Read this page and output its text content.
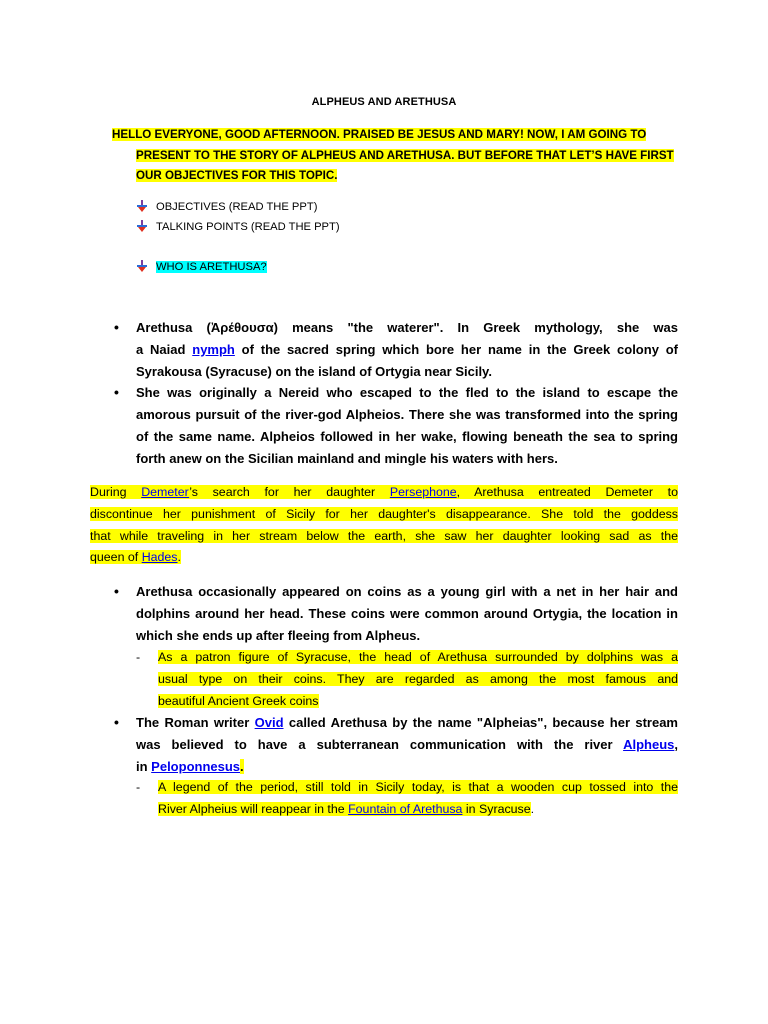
ALPHEUS AND ARETHUSA
HELLO EVERYONE, GOOD AFTERNOON. PRAISED BE JESUS AND MARY! NOW, I AM GOING TO
PRESENT TO THE STORY OF ALPHEUS AND ARETHUSA. BUT BEFORE THAT LET’S HAVE FIRST
OUR OBJECTIVES FOR THIS TOPIC.
OBJECTIVES (READ THE PPT)
TALKING POINTS (READ THE PPT)
WHO IS ARETHUSA?
• Arethusa (Ἀρέθουσα) means "the waterer". In Greek mythology, she was
a Naiad nymph of the sacred spring which bore her name in the Greek colony of
Syrakousa (Syracuse) on the island of Ortygia near Sicily.
• She was originally a Nereid who escaped to the fled to the island to escape the
amorous pursuit of the river-god Alpheios. There she was transformed into the spring
of the same name. Alpheios followed in her wake, flowing beneath the sea to spring
forth anew on the Sicilian mainland and mingle his waters with hers.
During Demeter’s search for her daughter Persephone, Arethusa entreated Demeter to
discontinue her punishment of Sicily for her daughter's disappearance. She told the goddess
that while traveling in her stream below the earth, she saw her daughter looking sad as the
queen of Hades.
• Arethusa occasionally appeared on coins as a young girl with a net in her hair and
dolphins around her head. These coins were common around Ortygia, the location in
which she ends up after fleeing from Alpheus.
- As a patron figure of Syracuse, the head of Arethusa surrounded by dolphins was a
usual type on their coins. They are regarded as among the most famous and
beautiful Ancient Greek coins
• The Roman writer Ovid called Arethusa by the name "Alpheias", because her stream
was believed to have a subterranean communication with the river Alpheus,
in Peloponnesus.
- A legend of the period, still told in Sicily today, is that a wooden cup tossed into the
River Alpheius will reappear in the Fountain of Arethusa in Syracuse.
